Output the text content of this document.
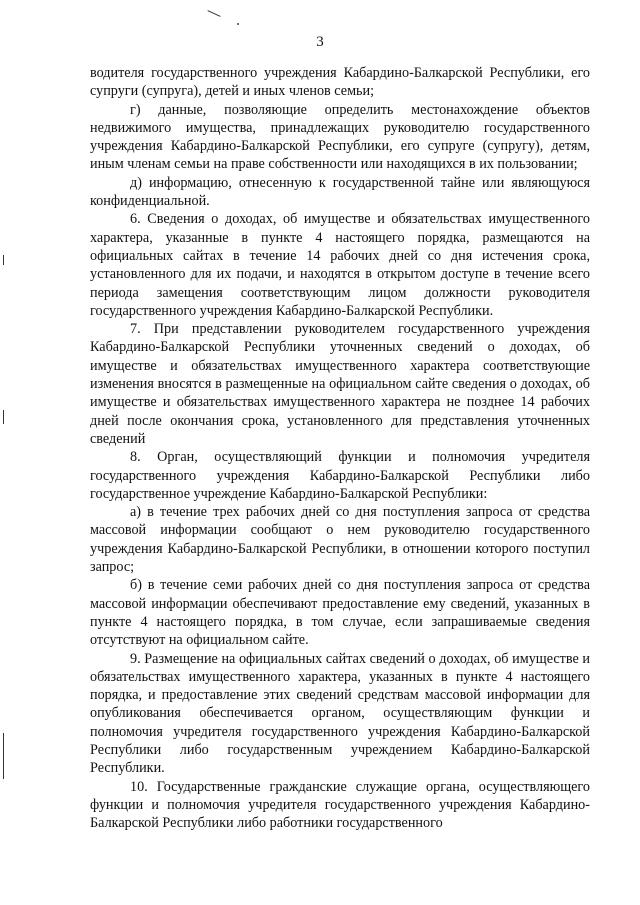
3

водителя государственного учреждения Кабардино-Балкарской Республики, его супруги (супруга), детей и иных членов семьи;

г) данные, позволяющие определить местонахождение объектов недвижимого имущества, принадлежащих руководителю государственного учреждения Кабардино-Балкарской Республики, его супруге (супругу), детям, иным членам семьи на праве собственности или находящихся в их пользовании;

д) информацию, отнесенную к государственной тайне или являющуюся конфиденциальной.

6. Сведения о доходах, об имуществе и обязательствах имущественного характера, указанные в пункте 4 настоящего порядка, размещаются на официальных сайтах в течение 14 рабочих дней со дня истечения срока, установленного для их подачи, и находятся в открытом доступе в течение всего периода замещения соответствующим лицом должности руководителя государственного учреждения Кабардино-Балкарской Республики.

7. При представлении руководителем государственного учреждения Кабардино-Балкарской Республики уточненных сведений о доходах, об имуществе и обязательствах имущественного характера соответствующие изменения вносятся в размещенные на официальном сайте сведения о доходах, об имуществе и обязательствах имущественного характера не позднее 14 рабочих дней после окончания срока, установленного для представления уточненных сведений

8. Орган, осуществляющий функции и полномочия учредителя государственного учреждения Кабардино-Балкарской Республики либо государственное учреждение Кабардино-Балкарской Республики:

а) в течение трех рабочих дней со дня поступления запроса от средства массовой информации сообщают о нем руководителю государственного учреждения Кабардино-Балкарской Республики, в отношении которого поступил запрос;

б) в течение семи рабочих дней со дня поступления запроса от средства массовой информации обеспечивают предоставление ему сведений, указанных в пункте 4 настоящего порядка, в том случае, если запрашиваемые сведения отсутствуют на официальном сайте.

9. Размещение на официальных сайтах сведений о доходах, об имуществе и обязательствах имущественного характера, указанных в пункте 4 настоящего порядка, и предоставление этих сведений средствам массовой информации для опубликования обеспечивается органом, осуществляющим функции и полномочия учредителя государственного учреждения Кабардино-Балкарской Республики либо государственным учреждением Кабардино-Балкарской Республики.

10. Государственные гражданские служащие органа, осуществляющего функции и полномочия учредителя государственного учреждения Кабардино-Балкарской Республики либо работники государственного
